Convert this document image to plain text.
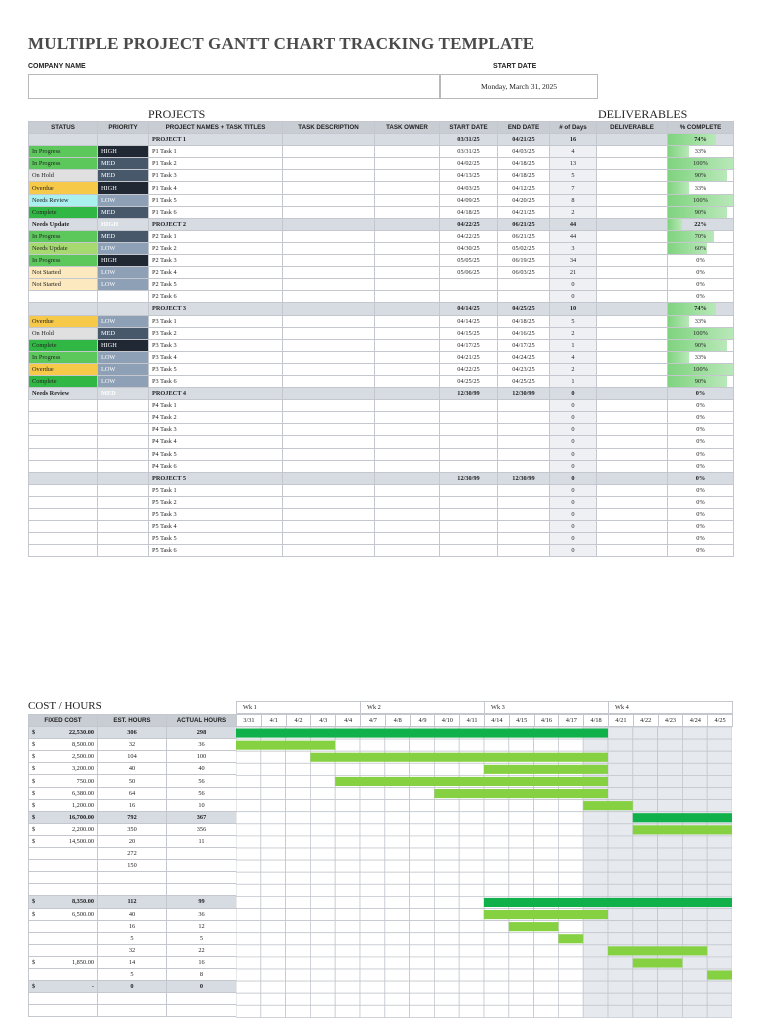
MULTIPLE PROJECT GANTT CHART TRACKING TEMPLATE
COMPANY NAME	START DATE
Monday, March 31, 2025
PROJECTS	DELIVERABLES
STATUS	PRIORITY	PROJECT NAMES + TASK TITLES	TASK DESCRIPTION	TASK OWNER	START DATE	END DATE	# of Days	DELIVERABLE	% COMPLETE
		PROJECT 1			03/31/25	04/21/25	16		74%
In Progress	HIGH	P1 Task 1			03/31/25	04/03/25	4		33%
In Progress	MED	P1 Task 2			04/02/25	04/18/25	13		100%
On Hold	MED	P1 Task 3			04/13/25	04/18/25	5		90%
Overdue	HIGH	P1 Task 4			04/03/25	04/12/25	7		33%
Needs Review	LOW	P1 Task 5			04/09/25	04/20/25	8		100%
Complete	MED	P1 Task 6			04/18/25	04/21/25	2		90%
Needs Update	HIGH	PROJECT 2			04/22/25	06/21/25	44		22%
In Progress	MED	P2 Task 1			04/22/25	06/21/25	44		70%
Needs Update	LOW	P2 Task 2			04/30/25	05/02/25	3		60%
In Progress	HIGH	P2 Task 3			05/05/25	06/19/25	34		0%
Not Started	LOW	P2 Task 4			05/06/25	06/03/25	21		0%
Not Started	LOW	P2 Task 5					0		0%
		P2 Task 6					0		0%
		PROJECT 3			04/14/25	04/25/25	10		74%
Overdue	LOW	P3 Task 1			04/14/25	04/18/25	5		33%
On Hold	MED	P3 Task 2			04/15/25	04/16/25	2		100%
Complete	HIGH	P3 Task 3			04/17/25	04/17/25	1		90%
In Progress	LOW	P3 Task 4			04/21/25	04/24/25	4		33%
Overdue	LOW	P3 Task 5			04/22/25	04/23/25	2		100%
Complete	LOW	P3 Task 6			04/25/25	04/25/25	1		90%
Needs Review	MED	PROJECT 4			12/30/99	12/30/99	0		0%
		P4 Task 1					0		0%
		P4 Task 2					0		0%
		P4 Task 3					0		0%
		P4 Task 4					0		0%
		P4 Task 5					0		0%
		P4 Task 6					0		0%
		PROJECT 5			12/30/99	12/30/99	0		0%
		P5 Task 1					0		0%
		P5 Task 2					0		0%
		P5 Task 3					0		0%
		P5 Task 4					0		0%
		P5 Task 5					0		0%
		P5 Task 6					0		0%
COST / HOURS
FIXED COST	EST. HOURS	ACTUAL HOURS

$ 22,530.00	306	298

$ 8,500.00	32	36

$ 2,500.00	104	100

$ 3,200.00	40	40

$ 750.00	50	56

$ 6,380.00	64	56

$ 1,200.00	16	10

$ 16,700.00	792	367

$ 2,200.00	350	356

$ 14,500.00	20	11

	272	

	150	

$ 8,350.00	112	99

$ 6,500.00	40	36

	16	12

	5	5

	32	22

$ 1,850.00	14	16

	5	8

$ -	0	0

Wk 1	Wk 2	Wk 3	Wk 4
3/31	4/1	4/2	4/3	4/4	4/7	4/8	4/9	4/10	4/11	4/14	4/15	4/16	4/17	4/18	4/21	4/22	4/23	4/24	4/25
